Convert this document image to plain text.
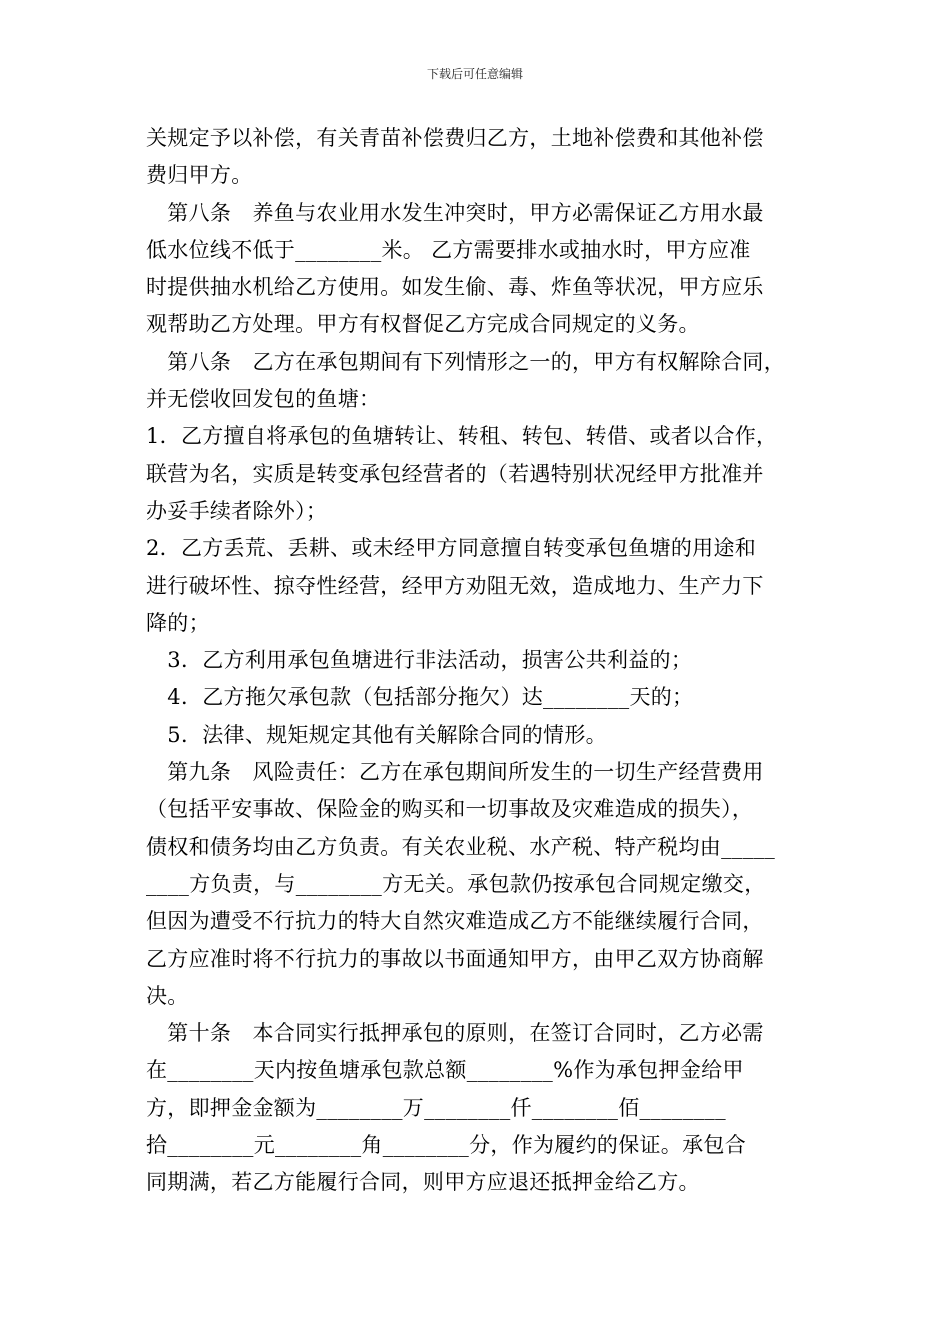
下载后可任意编辑
关规定予以补偿，有关青苗补偿费归乙方，土地补偿费和其他补偿
费归甲方。
　第八条　养鱼与农业用水发生冲突时，甲方必需保证乙方用水最
低水位线不低于________米。 乙方需要排水或抽水时，甲方应准
时提供抽水机给乙方使用。如发生偷、毒、炸鱼等状况，甲方应乐
观帮助乙方处理。甲方有权督促乙方完成合同规定的义务。
　第八条　乙方在承包期间有下列情形之一的，甲方有权解除合同，
并无偿收回发包的鱼塘：
1．乙方擅自将承包的鱼塘转让、转租、转包、转借、或者以合作，
联营为名，实质是转变承包经营者的（若遇特别状况经甲方批准并
办妥手续者除外）；
2．乙方丢荒、丢耕、或未经甲方同意擅自转变承包鱼塘的用途和
进行破坏性、掠夺性经营，经甲方劝阻无效，造成地力、生产力下
降的；
　3．乙方利用承包鱼塘进行非法活动，损害公共利益的；
　4．乙方拖欠承包款（包括部分拖欠）达________天的；
　5．法律、规矩规定其他有关解除合同的情形。
　第九条　风险责任：乙方在承包期间所发生的一切生产经营费用
（包括平安事故、保险金的购买和一切事故及灾难造成的损失），
债权和债务均由乙方负责。有关农业税、水产税、特产税均由_____
____方负责，与________方无关。承包款仍按承包合同规定缴交，
但因为遭受不行抗力的特大自然灾难造成乙方不能继续履行合同，
乙方应准时将不行抗力的事故以书面通知甲方，由甲乙双方协商解
决。
　第十条　本合同实行抵押承包的原则，在签订合同时，乙方必需
在________天内按鱼塘承包款总额________%作为承包押金给甲
方，即押金金额为________万________仟________佰________
拾________元________角________分，作为履约的保证。承包合
同期满，若乙方能履行合同，则甲方应退还抵押金给乙方。
